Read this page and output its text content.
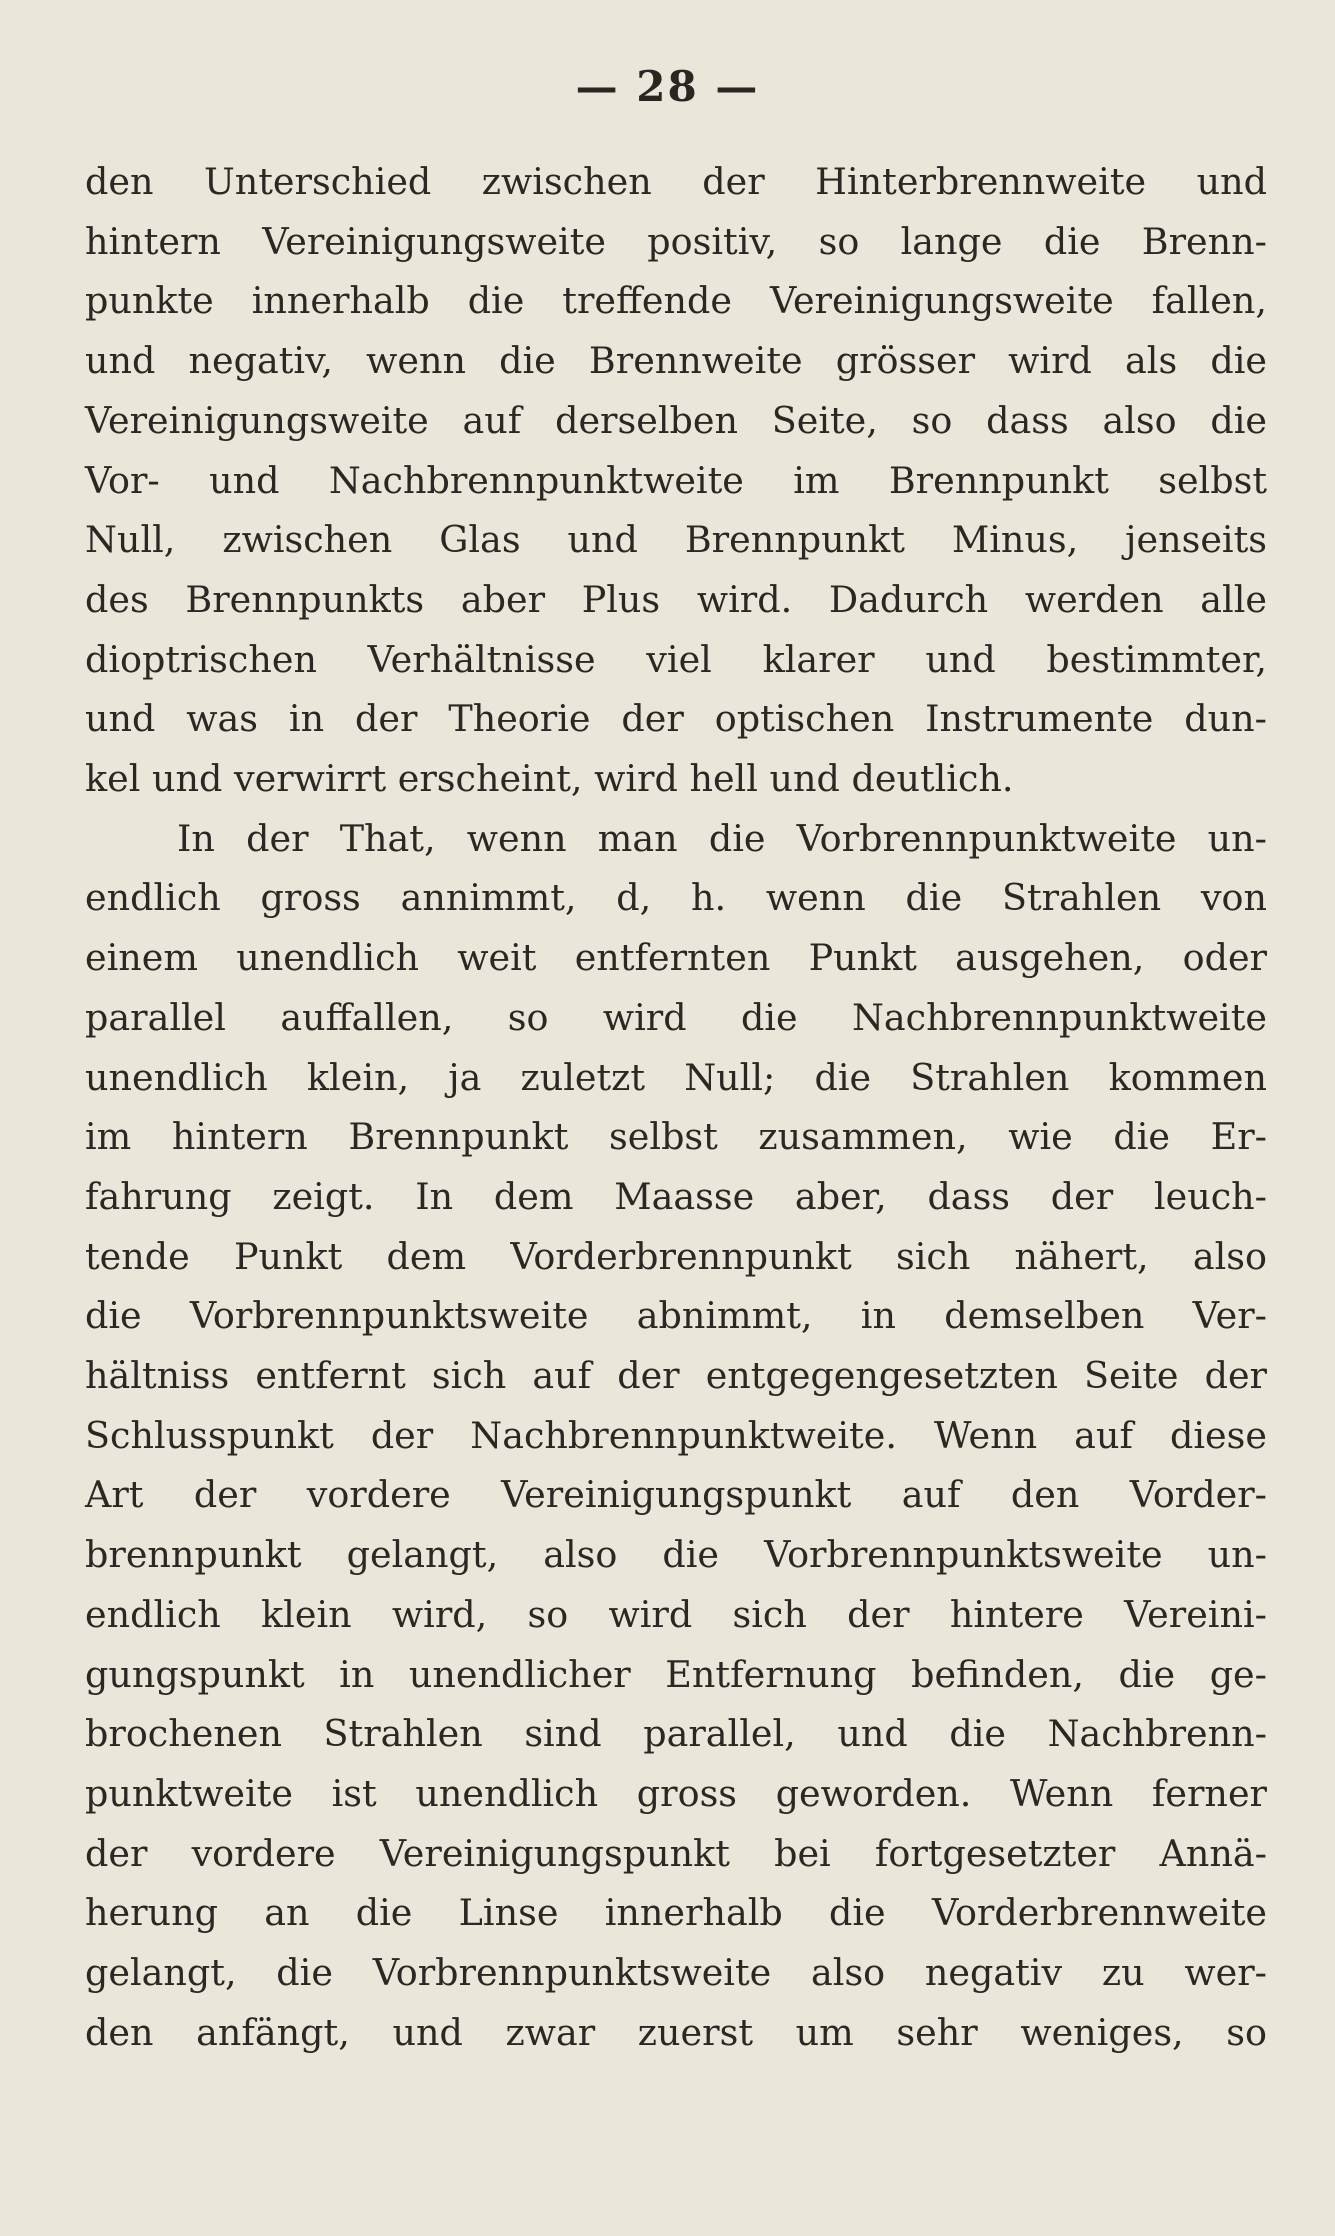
— 28 —
den Unterschied zwischen der Hinterbrennweite und
hintern Vereinigungsweite positiv, so lange die Brenn-
punkte innerhalb die treffende Vereinigungsweite fallen,
und negativ, wenn die Brennweite grösser wird als die
Vereinigungsweite auf derselben Seite, so dass also die
Vor- und Nachbrennpunktweite im Brennpunkt selbst
Null, zwischen Glas und Brennpunkt Minus, jenseits
des Brennpunkts aber Plus wird. Dadurch werden alle
dioptrischen Verhältnisse viel klarer und bestimmter,
und was in der Theorie der optischen Instrumente dun-
kel und verwirrt erscheint, wird hell und deutlich.
In der That, wenn man die Vorbrennpunktweite un-
endlich gross annimmt, d, h. wenn die Strahlen von
einem unendlich weit entfernten Punkt ausgehen, oder
parallel auffallen, so wird die Nachbrennpunktweite
unendlich klein, ja zuletzt Null; die Strahlen kommen
im hintern Brennpunkt selbst zusammen, wie die Er-
fahrung zeigt. In dem Maasse aber, dass der leuch-
tende Punkt dem Vorderbrennpunkt sich nähert, also
die Vorbrennpunktsweite abnimmt, in demselben Ver-
hältniss entfernt sich auf der entgegengesetzten Seite der
Schlusspunkt der Nachbrennpunktweite. Wenn auf diese
Art der vordere Vereinigungspunkt auf den Vorder-
brennpunkt gelangt, also die Vorbrennpunktsweite un-
endlich klein wird, so wird sich der hintere Vereini-
gungspunkt in unendlicher Entfernung befinden, die ge-
brochenen Strahlen sind parallel, und die Nachbrenn-
punktweite ist unendlich gross geworden. Wenn ferner
der vordere Vereinigungspunkt bei fortgesetzter Annä-
herung an die Linse innerhalb die Vorderbrennweite
gelangt, die Vorbrennpunktsweite also negativ zu wer-
den anfängt, und zwar zuerst um sehr weniges, so
